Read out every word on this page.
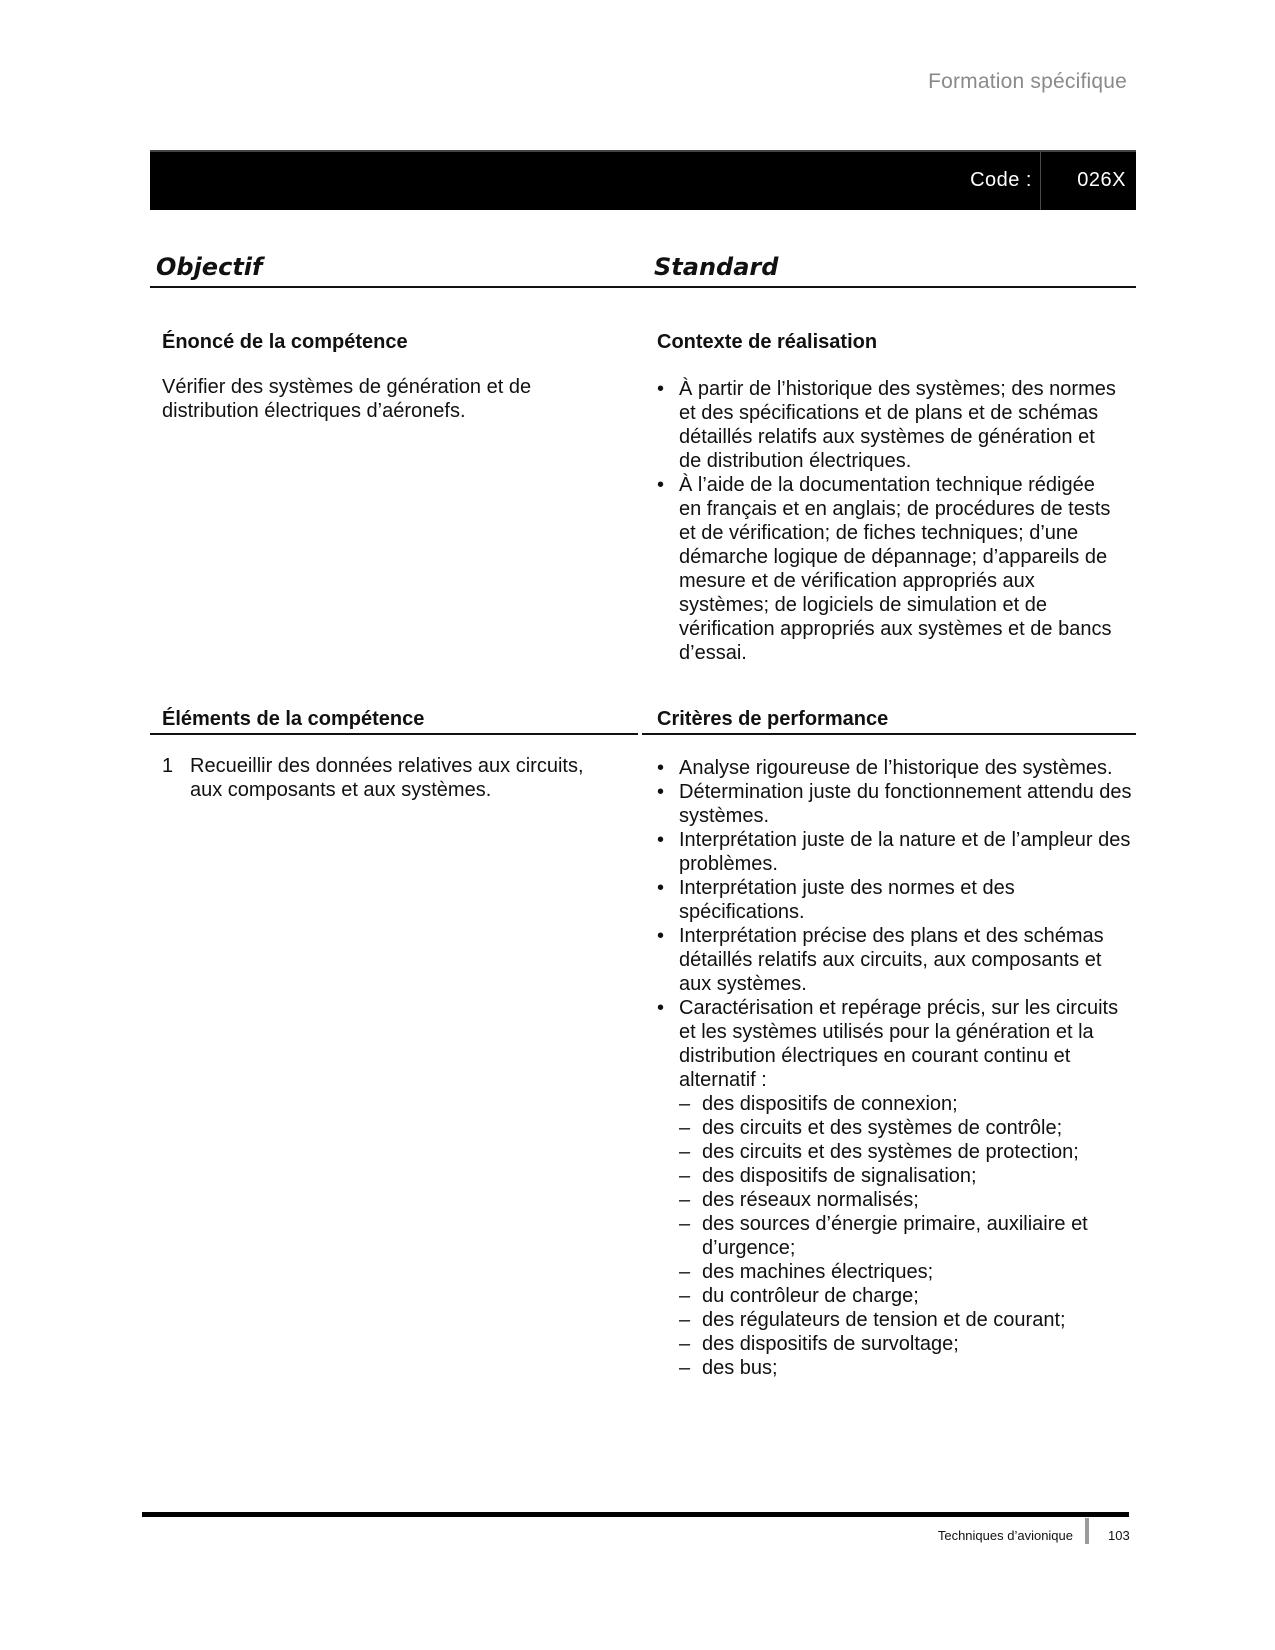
Formation spécifique
Code : 026X
Objectif	Standard
Énoncé de la compétence
Vérifier des systèmes de génération et de distribution électriques d’aéronefs.
Contexte de réalisation
• À partir de l’historique des systèmes; des normes et des spécifications et de plans et de schémas détaillés relatifs aux systèmes de génération et de distribution électriques.
• À l’aide de la documentation technique rédigée en français et en anglais; de procédures de tests et de vérification; de fiches techniques; d’une démarche logique de dépannage; d’appareils de mesure et de vérification appropriés aux systèmes; de logiciels de simulation et de vérification appropriés aux systèmes et de bancs d’essai.
Éléments de la compétence
1 Recueillir des données relatives aux circuits, aux composants et aux systèmes.
Critères de performance
• Analyse rigoureuse de l’historique des systèmes.
• Détermination juste du fonctionnement attendu des systèmes.
• Interprétation juste de la nature et de l’ampleur des problèmes.
• Interprétation juste des normes et des spécifications.
• Interprétation précise des plans et des schémas détaillés relatifs aux circuits, aux composants et aux systèmes.
• Caractérisation et repérage précis, sur les circuits et les systèmes utilisés pour la génération et la distribution électriques en courant continu et alternatif :
– des dispositifs de connexion;
– des circuits et des systèmes de contrôle;
– des circuits et des systèmes de protection;
– des dispositifs de signalisation;
– des réseaux normalisés;
– des sources d’énergie primaire, auxiliaire et d’urgence;
– des machines électriques;
– du contrôleur de charge;
– des régulateurs de tension et de courant;
– des dispositifs de survoltage;
– des bus;
Techniques d’avionique	103
